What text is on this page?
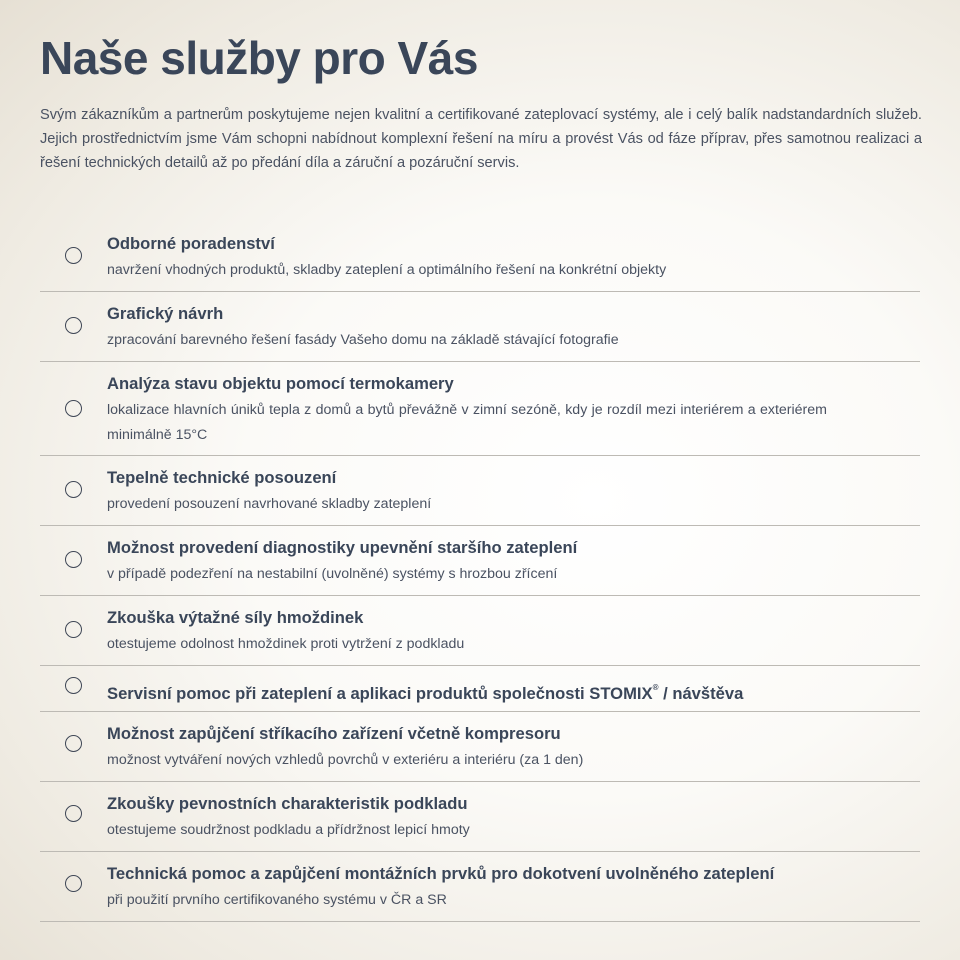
Naše služby pro Vás

Svým zákazníkům a partnerům poskytujeme nejen kvalitní a certifikované zateplovací systémy, ale i celý balík nadstandardních služeb. Jejich prostřednictvím jsme Vám schopni nabídnout komplexní řešení na míru a provést Vás od fáze příprav, přes samotnou realizaci a řešení technických detailů až po předání díla a záruční a pozáruční servis.

Odborné poradenství

navržení vhodných produktů, skladby zateplení a optimálního řešení na konkrétní objekty

Grafický návrh

zpracování barevného řešení fasády Vašeho domu na základě stávající fotografie

Analýza stavu objektu pomocí termokamery

lokalizace hlavních úniků tepla z domů a bytů převážně v zimní sezóně, kdy je rozdíl mezi interiérem a exteriérem minimálně 15°C

Tepelně technické posouzení

provedení posouzení navrhované skladby zateplení

Možnost provedení diagnostiky upevnění staršího zateplení

v případě podezření na nestabilní (uvolněné) systémy s hrozbou zřícení

Zkouška výtažné síly hmoždinek

otestujeme odolnost hmoždinek proti vytržení z podkladu

Servisní pomoc při zateplení a aplikaci produktů společnosti STOMIX® / návštěva

Možnost zapůjčení stříkacího zařízení včetně kompresoru

možnost vytváření nových vzhledů povrchů v exteriéru a interiéru (za 1 den)

Zkoušky pevnostních charakteristik podkladu

otestujeme soudržnost podkladu a přídržnost lepicí hmoty

Technická pomoc a zapůjčení montážních prvků pro dokotvení uvolněného zateplení

při použití prvního certifikovaného systému v ČR a SR
